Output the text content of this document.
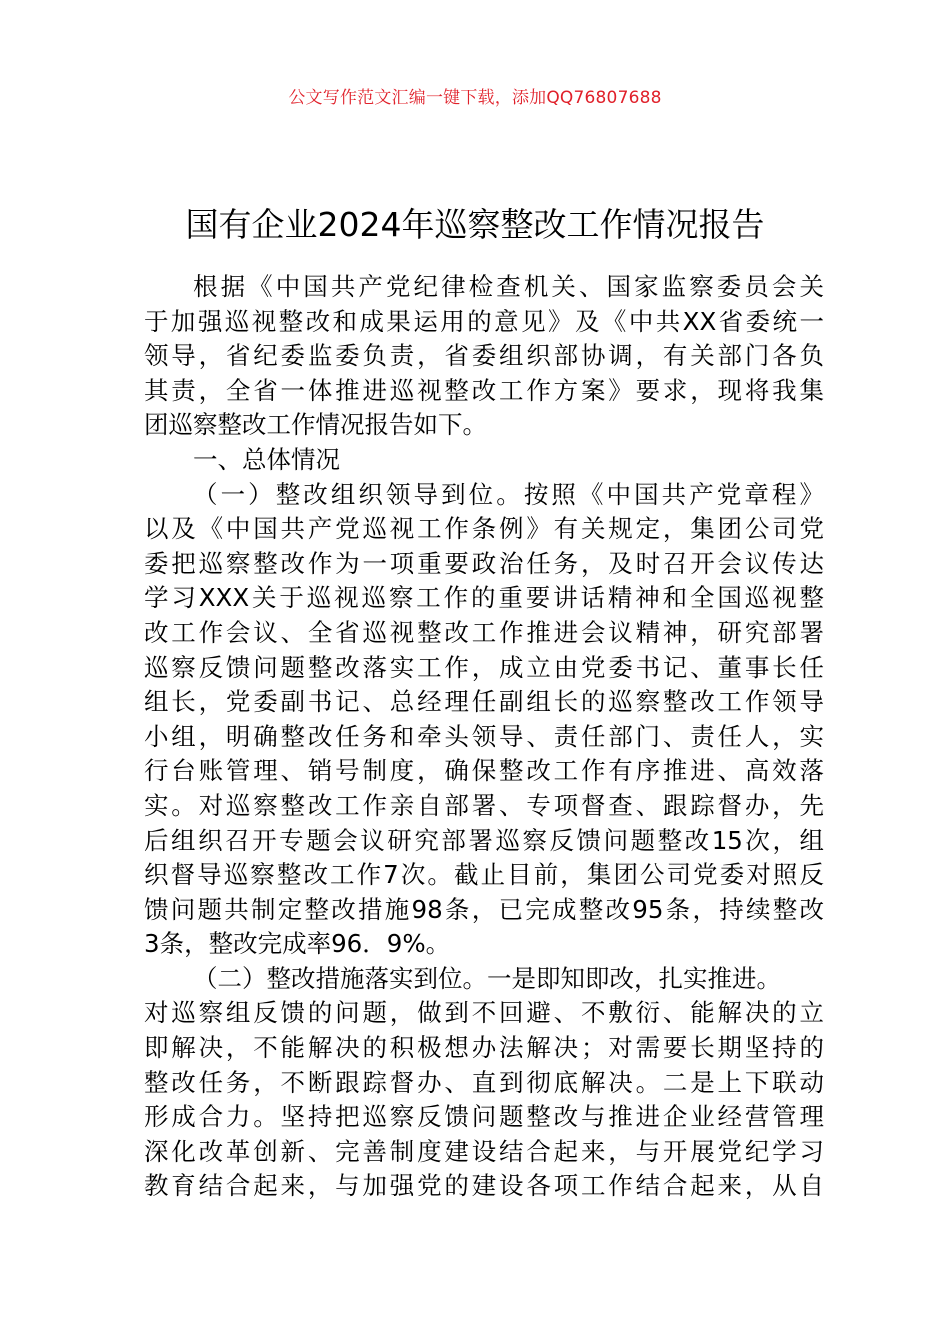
公文写作范文汇编一键下载，添加QQ76807688
国有企业2024年巡察整改工作情况报告
根据《中国共产党纪律检查机关、国家监察委员会关
于加强巡视整改和成果运用的意见》及《中共XX省委统一
领导，省纪委监委负责，省委组织部协调，有关部门各负
其责，全省一体推进巡视整改工作方案》要求，现将我集
团巡察整改工作情况报告如下。
一、总体情况
（一）整改组织领导到位。按照《中国共产党章程》
以及《中国共产党巡视工作条例》有关规定，集团公司党
委把巡察整改作为一项重要政治任务，及时召开会议传达
学习XXX关于巡视巡察工作的重要讲话精神和全国巡视整
改工作会议、全省巡视整改工作推进会议精神，研究部署
巡察反馈问题整改落实工作，成立由党委书记、董事长任
组长，党委副书记、总经理任副组长的巡察整改工作领导
小组，明确整改任务和牵头领导、责任部门、责任人，实
行台账管理、销号制度，确保整改工作有序推进、高效落
实。对巡察整改工作亲自部署、专项督查、跟踪督办，先
后组织召开专题会议研究部署巡察反馈问题整改15次，组
织督导巡察整改工作7次。截止目前，集团公司党委对照反
馈问题共制定整改措施98条，已完成整改95条，持续整改
3条，整改完成率96．9%。
（二）整改措施落实到位。一是即知即改，扎实推进。
对巡察组反馈的问题，做到不回避、不敷衍、能解决的立
即解决，不能解决的积极想办法解决；对需要长期坚持的
整改任务，不断跟踪督办、直到彻底解决。二是上下联动
形成合力。坚持把巡察反馈问题整改与推进企业经营管理
深化改革创新、完善制度建设结合起来，与开展党纪学习
教育结合起来，与加强党的建设各项工作结合起来，从自
